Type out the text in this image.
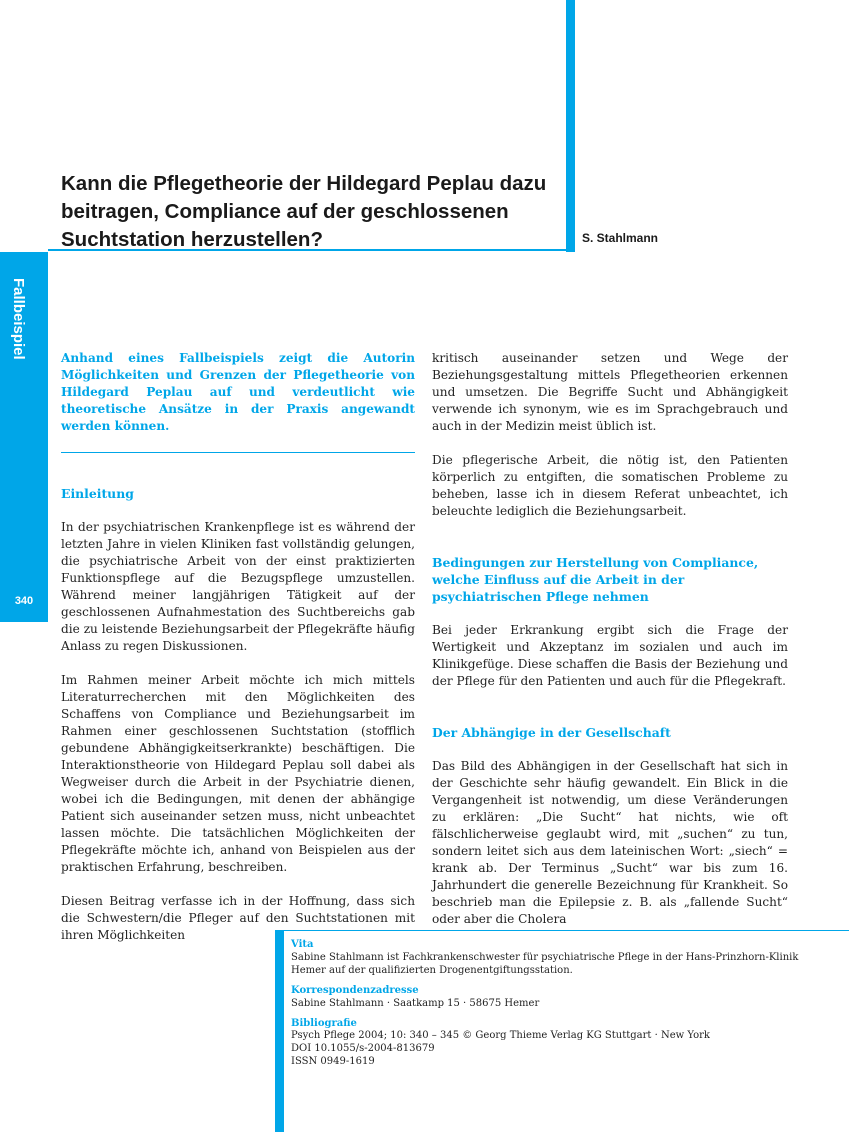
Fallbeispiel
340
Kann die Pflegetheorie der Hildegard Peplau dazu beitragen, Compliance auf der geschlossenen Suchtstation herzustellen?	S. Stahlmann

Anhand eines Fallbeispiels zeigt die Autorin Möglichkeiten und Grenzen der Pflegetheorie von Hildegard Peplau auf und verdeutlicht wie theoretische Ansätze in der Praxis angewandt werden können.

Einleitung

In der psychiatrischen Krankenpflege ist es während der letzten Jahre in vielen Kliniken fast vollständig gelungen, die psychiatrische Arbeit von der einst praktizierten Funktionspflege auf die Bezugspflege umzustellen. Während meiner langjährigen Tätigkeit auf der geschlossenen Aufnahmestation des Suchtbereichs gab die zu leistende Beziehungsarbeit der Pflegekräfte häufig Anlass zu regen Diskussionen.

Im Rahmen meiner Arbeit möchte ich mich mittels Literaturrecherchen mit den Möglichkeiten des Schaffens von Compliance und Beziehungsarbeit im Rahmen einer geschlossenen Suchtstation (stofflich gebundene Abhängigkeitserkrankte) beschäftigen. Die Interaktionstheorie von Hildegard Peplau soll dabei als Wegweiser durch die Arbeit in der Psychiatrie dienen, wobei ich die Bedingungen, mit denen der abhängige Patient sich auseinander setzen muss, nicht unbeachtet lassen möchte. Die tatsächlichen Möglichkeiten der Pflegekräfte möchte ich, anhand von Beispielen aus der praktischen Erfahrung, beschreiben.

Diesen Beitrag verfasse ich in der Hoffnung, dass sich die Schwestern/die Pfleger auf den Suchtstationen mit ihren Möglichkeiten

kritisch auseinander setzen und Wege der Beziehungsgestaltung mittels Pflegetheorien erkennen und umsetzen. Die Begriffe Sucht und Abhängigkeit verwende ich synonym, wie es im Sprachgebrauch und auch in der Medizin meist üblich ist.

Die pflegerische Arbeit, die nötig ist, den Patienten körperlich zu entgiften, die somatischen Probleme zu beheben, lasse ich in diesem Referat unbeachtet, ich beleuchte lediglich die Beziehungsarbeit.

Bedingungen zur Herstellung von Compliance, welche Einfluss auf die Arbeit in der psychiatrischen Pflege nehmen

Bei jeder Erkrankung ergibt sich die Frage der Wertigkeit und Akzeptanz im sozialen und auch im Klinikgefüge. Diese schaffen die Basis der Beziehung und der Pflege für den Patienten und auch für die Pflegekraft.

Der Abhängige in der Gesellschaft

Das Bild des Abhängigen in der Gesellschaft hat sich in der Geschichte sehr häufig gewandelt. Ein Blick in die Vergangenheit ist notwendig, um diese Veränderungen zu erklären: „Die Sucht“ hat nichts, wie oft fälschlicherweise geglaubt wird, mit „suchen“ zu tun, sondern leitet sich aus dem lateinischen Wort: „siech“ = krank ab. Der Terminus „Sucht“ war bis zum 16. Jahrhundert die generelle Bezeichnung für Krankheit. So beschrieb man die Epilepsie z. B. als „fallende Sucht“ oder aber die Cholera

Vita

Sabine Stahlmann ist Fachkrankenschwester für psychiatrische Pflege in der Hans-Prinzhorn-Klinik Hemer auf der qualifizierten Drogenentgiftungsstation.

Korrespondenzadresse

Sabine Stahlmann · Saatkamp 15 · 58675 Hemer

Bibliografie

Psych Pflege 2004; 10: 340 – 345 © Georg Thieme Verlag KG Stuttgart · New York

DOI 10.1055/s-2004-813679

ISSN 0949-1619
